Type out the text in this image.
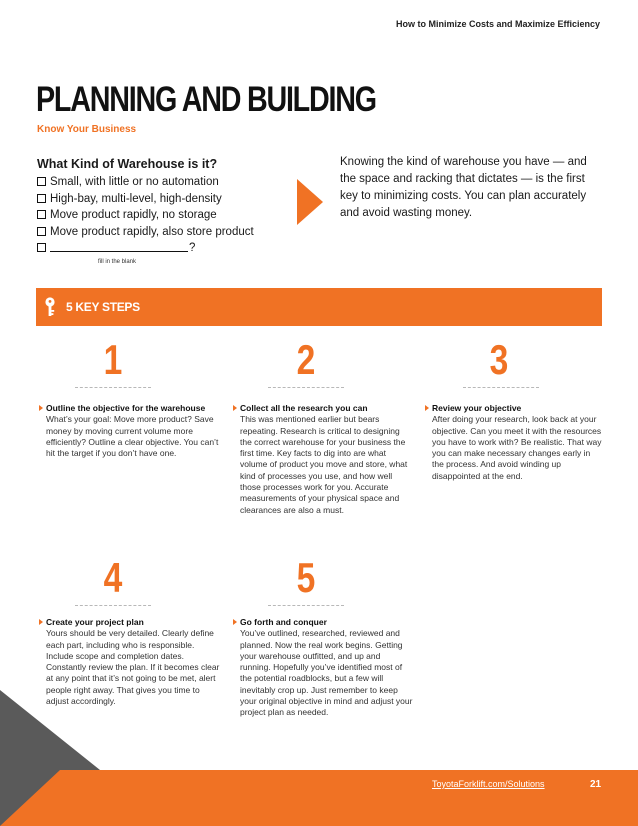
How to Minimize Costs and Maximize Efficiency
PLANNING AND BUILDING
Know Your Business
What Kind of Warehouse is it?
Small, with little or no automation
High-bay, multi-level, high-density
Move product rapidly, no storage
Move product rapidly, also store product
?
fill in the blank

Knowing the kind of warehouse you have — and the space and racking that dictates — is the first key to minimizing costs. You can plan accurately and avoid wasting money.

5 KEY STEPS
1	2	3
4	5
Outline the objective for the warehouse
What’s your goal: Move more product? Save money by moving current volume more efficiently? Outline a clear objective. You can’t hit the target if you don’t have one.
Collect all the research you can
This was mentioned earlier but bears repeating. Research is critical to designing the correct warehouse for your business the first time. Key facts to dig into are what volume of product you move and store, what kind of processes you use, and how well those processes work for you. Accurate measurements of your physical space and clearances are also a must.
Review your objective
After doing your research, look back at your objective. Can you meet it with the resources you have to work with? Be realistic. That way you can make necessary changes early in the process. And avoid winding up disappointed at the end.
Create your project plan
Yours should be very detailed. Clearly define each part, including who is responsible. Include scope and completion dates. Constantly review the plan. If it becomes clear at any point that it’s not going to be met, alert people right away. That gives you time to adjust accordingly.
Go forth and conquer
You’ve outlined, researched, reviewed and planned. Now the real work begins. Getting your warehouse outfitted, and up and running. Hopefully you’ve identified most of the potential roadblocks, but a few will inevitably crop up. Just remember to keep your original objective in mind and adjust your project plan as needed.
ToyotaForklift.com/Solutions	21
